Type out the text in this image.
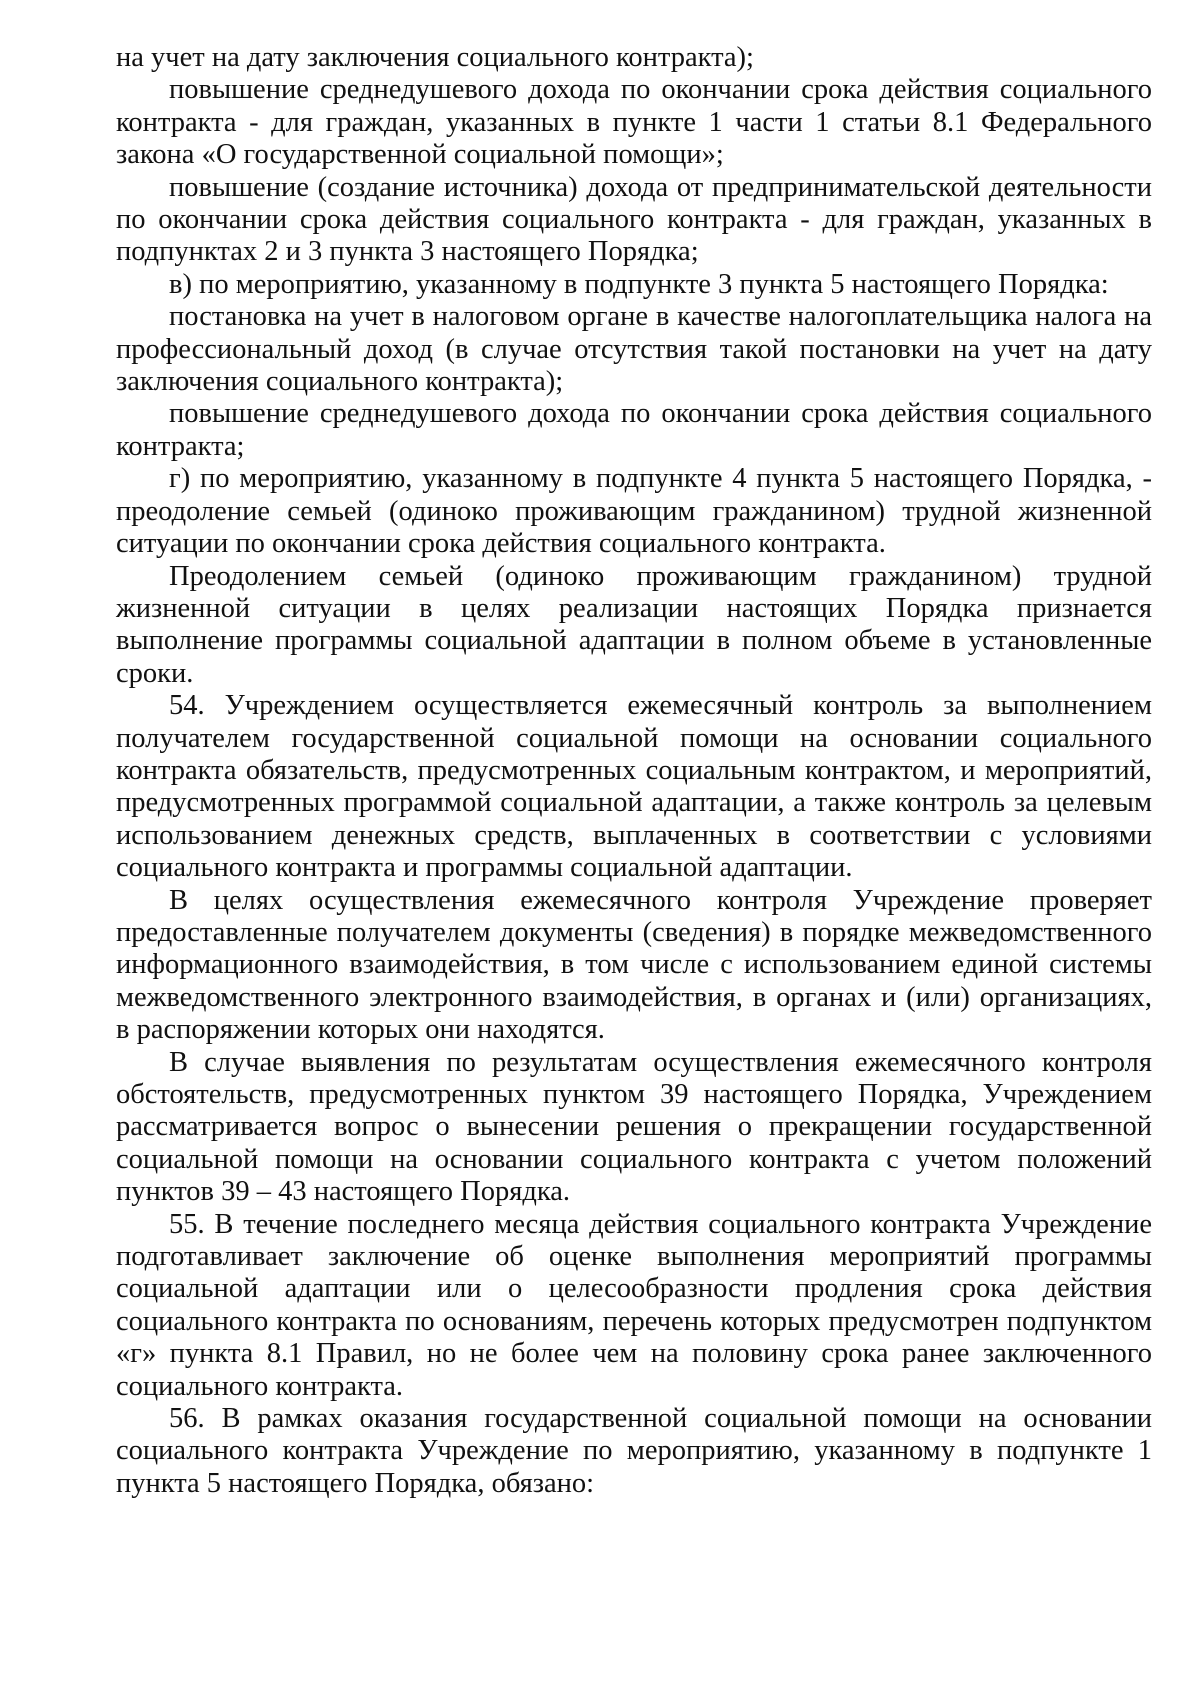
на учет на дату заключения социального контракта);

повышение среднедушевого дохода по окончании срока действия социального контракта - для граждан, указанных в пункте 1 части 1 статьи 8.1 Федерального закона «О государственной социальной помощи»;

повышение (создание источника) дохода от предпринимательской деятельности по окончании срока действия социального контракта - для граждан, указанных в подпунктах 2 и 3 пункта 3 настоящего Порядка;

в) по мероприятию, указанному в подпункте 3 пункта 5 настоящего Порядка:

постановка на учет в налоговом органе в качестве налогоплательщика налога на профессиональный доход (в случае отсутствия такой постановки на учет на дату заключения социального контракта);

повышение среднедушевого дохода по окончании срока действия социального контракта;

г) по мероприятию, указанному в подпункте 4 пункта 5 настоящего Порядка, - преодоление семьей (одиноко проживающим гражданином) трудной жизненной ситуации по окончании срока действия социального контракта.

Преодолением семьей (одиноко проживающим гражданином) трудной жизненной ситуации в целях реализации настоящих Порядка признается выполнение программы социальной адаптации в полном объеме в установленные сроки.

54. Учреждением осуществляется ежемесячный контроль за выполнением получателем государственной социальной помощи на основании социального контракта обязательств, предусмотренных социальным контрактом, и мероприятий, предусмотренных программой социальной адаптации, а также контроль за целевым использованием денежных средств, выплаченных в соответствии с условиями социального контракта и программы социальной адаптации.

В целях осуществления ежемесячного контроля Учреждение проверяет предоставленные получателем документы (сведения) в порядке межведомственного информационного взаимодействия, в том числе с использованием единой системы межведомственного электронного взаимодействия, в органах и (или) организациях, в распоряжении которых они находятся.

В случае выявления по результатам осуществления ежемесячного контроля обстоятельств, предусмотренных пунктом 39 настоящего Порядка, Учреждением рассматривается вопрос о вынесении решения о прекращении государственной социальной помощи на основании социального контракта с учетом положений пунктов 39 – 43 настоящего Порядка.

55. В течение последнего месяца действия социального контракта Учреждение подготавливает заключение об оценке выполнения мероприятий программы социальной адаптации или о целесообразности продления срока действия социального контракта по основаниям, перечень которых предусмотрен подпунктом «г» пункта 8.1 Правил, но не более чем на половину срока ранее заключенного социального контракта.

56. В рамках оказания государственной социальной помощи на основании социального контракта Учреждение по мероприятию, указанному в подпункте 1 пункта 5 настоящего Порядка, обязано:
